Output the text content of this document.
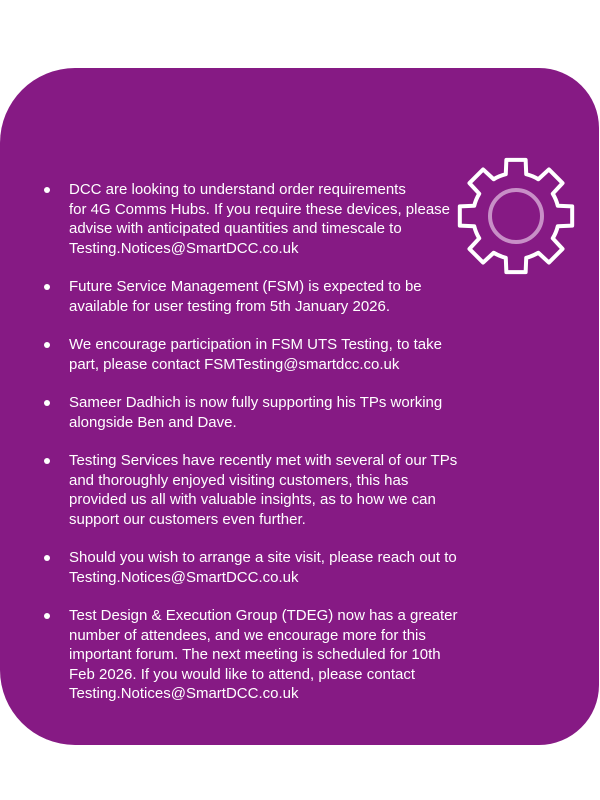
DCC are looking to understand order requirements
for 4G Comms Hubs. If you require these devices, please
advise with anticipated quantities and timescale to
Testing.Notices@SmartDCC.co.uk
Future Service Management (FSM) is expected to be
available for user testing from 5th January 2026.
We encourage participation in FSM UTS Testing, to take
part, please contact FSMTesting@smartdcc.co.uk
Sameer Dadhich is now fully supporting his TPs working
alongside Ben and Dave.
Testing Services have recently met with several of our TPs
and thoroughly enjoyed visiting customers, this has
provided us all with valuable insights, as to how we can
support our customers even further.
Should you wish to arrange a site visit, please reach out to
Testing.Notices@SmartDCC.co.uk
Test Design & Execution Group (TDEG) now has a greater
number of attendees, and we encourage more for this
important forum. The next meeting is scheduled for 10th
Feb 2026. If you would like to attend, please contact
Testing.Notices@SmartDCC.co.uk
